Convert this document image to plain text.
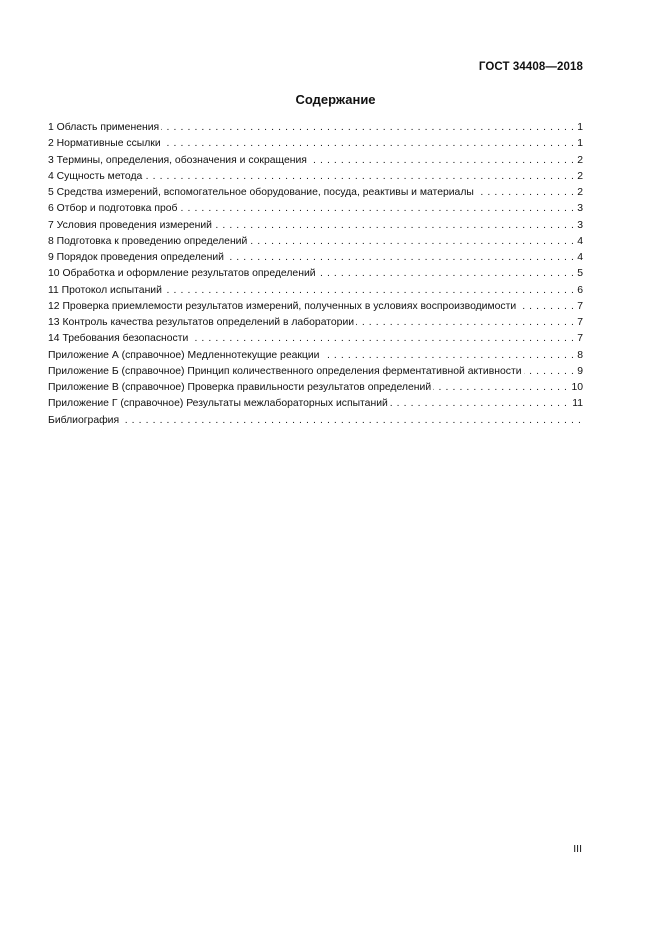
ГОСТ 34408—2018
Содержание
. . . 1 Область применения	1
. . . 2 Нормативные ссылки	1
. . . 3 Термины, определения, обозначения и сокращения	2
. . . 4 Сущность метода	2
. . . 5 Средства измерений, вспомогательное оборудование, посуда, реактивы и материалы	2
. . . 6 Отбор и подготовка проб	3
. . . 7 Условия проведения измерений	3
. . . 8 Подготовка к проведению определений	4
. . . 9 Порядок проведения определений	4
. . . 10 Обработка и оформление результатов определений	5
. . . 11 Протокол испытаний	6
. . . 12 Проверка приемлемости результатов измерений, полученных в условиях воспроизводимости	7
. . . 13 Контроль качества результатов определений в лаборатории	7
. . . 14 Требования безопасности	7
. . . Приложение А (справочное) Медленнотекущие реакции	8
. . . Приложение Б (справочное) Принцип количественного определения ферментативной активности	9
. . . Приложение В (справочное) Проверка правильности результатов определений	10
. . . Приложение Г (справочное) Результаты межлабораторных испытаний	11
. . . Библиография
III
